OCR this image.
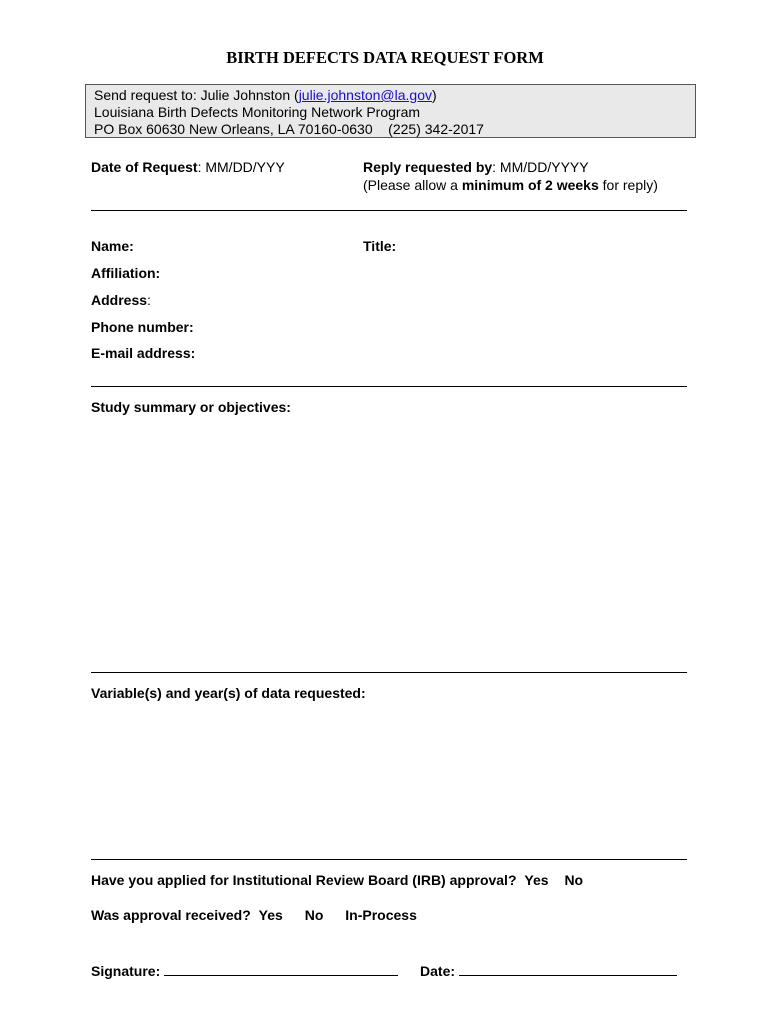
BIRTH DEFECTS DATA REQUEST FORM
Send request to: Julie Johnston (julie.johnston@la.gov)
Louisiana Birth Defects Monitoring Network Program
PO Box 60630 New Orleans, LA 70160-0630    (225) 342-2017
Date of Request: MM/DD/YYY	Reply requested by: MM/DD/YYYY
(Please allow a minimum of 2 weeks for reply)
Name:	Title:
Affiliation:
Address:
Phone number:
E-mail address:
Study summary or objectives:
Variable(s) and year(s) of data requested:
Have you applied for Institutional Review Board (IRB) approval? Yes No
Was approval received? Yes No In-Process
Signature:	Date:
